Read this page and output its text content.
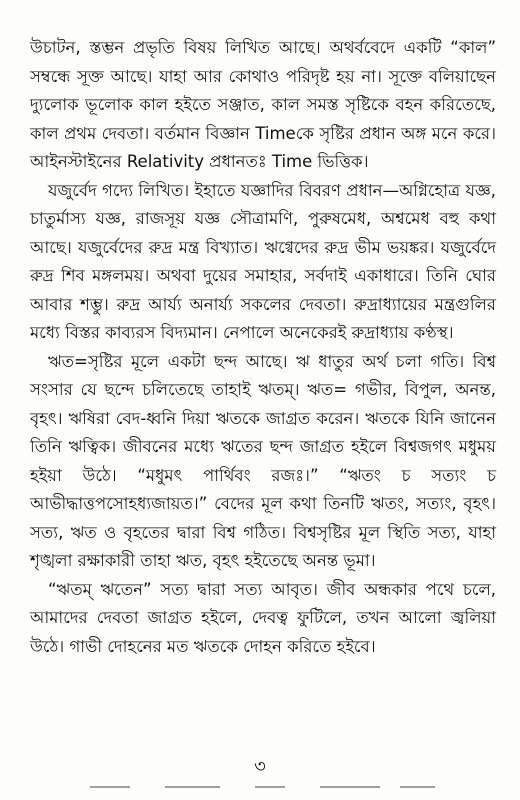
উচাটন, স্তম্ভন প্রভৃতি বিষয় লিখিত আছে। অথর্ববেদে একটি “কাল” সম্বন্ধে সূক্ত আছে। যাহা আর কোথাও পরিদৃষ্ট হয় না। সূক্তে বলিয়াছেন দ্যুলোক ভূলোক কাল হইতে সঞ্জাত, কাল সমস্ত সৃষ্টিকে বহন করিতেছে, কাল প্রথম দেবতা। বর্তমান বিজ্ঞান Timeকে সৃষ্টির প্রধান অঙ্গ মনে করে। আইনস্টাইনের Relativity প্রধানতঃ Time ভিত্তিক।

যজুর্বেদ গদ্যে লিখিত। ইহাতে যজ্ঞাদির বিবরণ প্রধান—অগ্নিহোত্র যজ্ঞ, চাতুর্মাস্য যজ্ঞ, রাজসূয় যজ্ঞ সৌত্রামণি, পুরুষমেধ, অশ্বমেধ বহু কথা আছে। যজুর্বেদের রুদ্র মন্ত্র বিখ্যাত। ঋগ্বেদের রুদ্র ভীম ভয়ঙ্কর। যজুর্বেদে রুদ্র শিব মঙ্গলময়। অথবা দুয়ের সমাহার, সর্বদাই একাধারে। তিনি ঘোর আবার শম্ভু। রুদ্র আর্য্য অনার্য্য সকলের দেবতা। রুদ্রাধ্যায়ের মন্ত্রগুলির মধ্যে বিস্তর কাব্যরস বিদ্যমান। নেপালে অনেকেরই রুদ্রাধ্যায় কণ্ঠস্থ।

ঋত=সৃষ্টির মূলে একটা ছন্দ আছে। ঋ ধাতুর অর্থ চলা গতি। বিশ্ব সংসার যে ছন্দে চলিতেছে তাহাই ঋতম্। ঋত= গভীর, বিপুল, অনন্ত, বৃহৎ। ঋষিরা বেদ-ধ্বনি দিয়া ঋতকে জাগ্রত করেন। ঋতকে যিনি জানেন তিনি ঋত্বিক। জীবনের মধ্যে ঋতের ছন্দ জাগ্রত হইলে বিশ্বজগৎ মধুময় হইয়া উঠে। “মধুমৎ পার্থিবং রজঃ।” “ঋতং চ সত্যং চ আভীদ্ধাত্তপসোহধ্যজায়ত।” বেদের মূল কথা তিনটি ঋতং, সত্যং, বৃহৎ। সত্য, ঋত ও বৃহতের দ্বারা বিশ্ব গঠিত। বিশ্বসৃষ্টির মূল স্থিতি সত্য, যাহা শৃঙ্খলা রক্ষাকারী তাহা ঋত, বৃহৎ হইতেছে অনন্ত ভূমা।

“ঋতম্ ঋতেন” সত্য দ্বারা সত্য আবৃত। জীব অন্ধকার পথে চলে, আমাদের দেবতা জাগ্রত হইলে, দেবত্ব ফুটিলে, তখন আলো জ্বলিয়া উঠে। গাভী দোহনের মত ঋতকে দোহন করিতে হইবে।

৩
